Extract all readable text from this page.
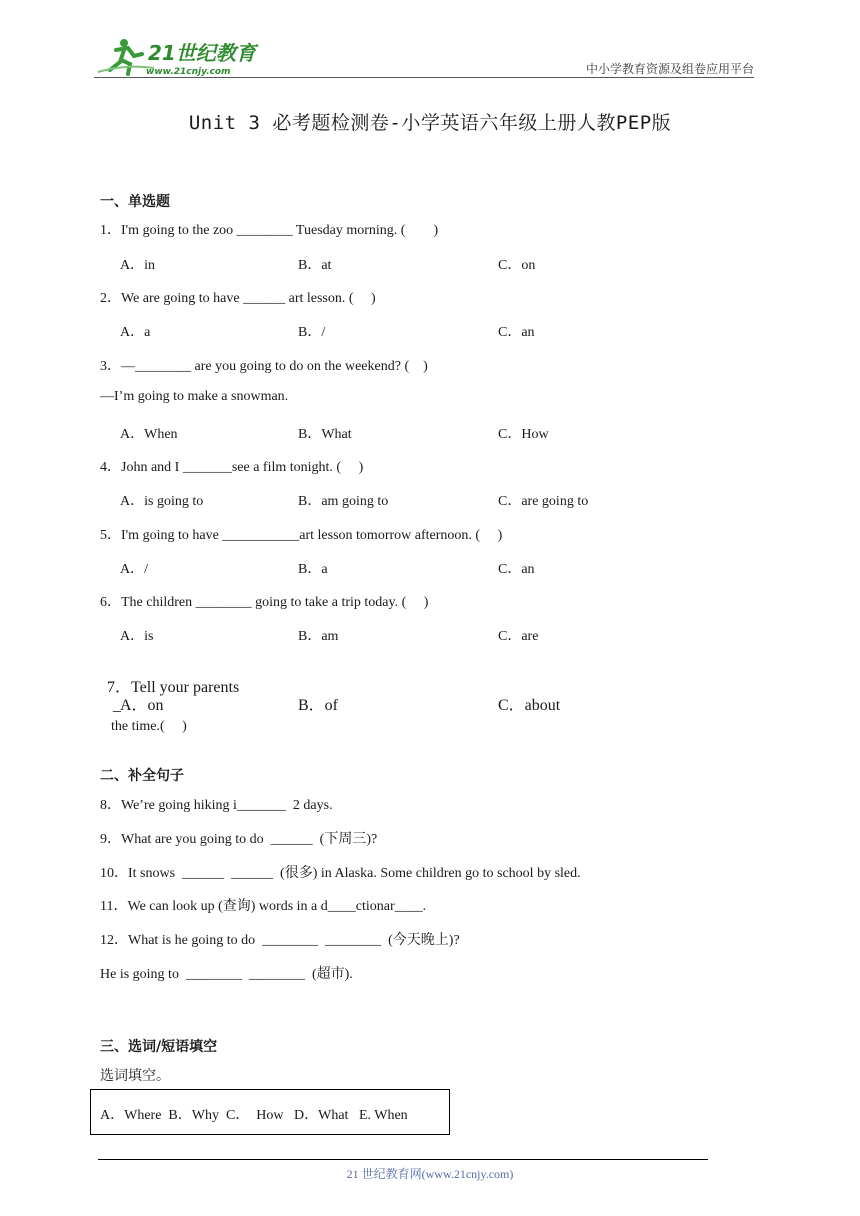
21世纪教育
www.21cnjy.com	中小学教育资源及组卷应用平台
Unit 3 必考题检测卷-小学英语六年级上册人教PEP版
一、单选题
1．I'm going to the zoo ________ Tuesday morning. (　　)
A．in	B．at	C．on
2．We are going to have ______ art lesson. (　 )
A．a	B．/	C．an
3．—________ are you going to do on the weekend? (　)
—I’m going to make a snowman.
A．When	B．What	C．How
4．John and I _______see a film tonight. (　 )
A．is going to	B．am going to	C．are going to
5．I'm going to have ___________art lesson tomorrow afternoon. (　 )
A．/	B．a	C．an
6．The children ________ going to take a trip today. (　 )
A．is	B．am	C．are

7．Tell your parents
_
the time.(　 )

A．on	B．of	C．about
二、补全句子
8．We’re going hiking i_______  2 days.
9．What are you going to do  ______  (下周三)?
10．It snows  ______  ______  (很多) in Alaska. Some children go to school by sled.
11．We can look up (查询) words in a d____ctionar____.
12．What is he going to do  ________  ________  (今天晚上)?
He is going to  ________  ________  (超市).
三、选词/短语填空
选词填空。
A．Where  B．Why  C．  How   D．What   E. When
21 世纪教育网(www.21cnjy.com)
